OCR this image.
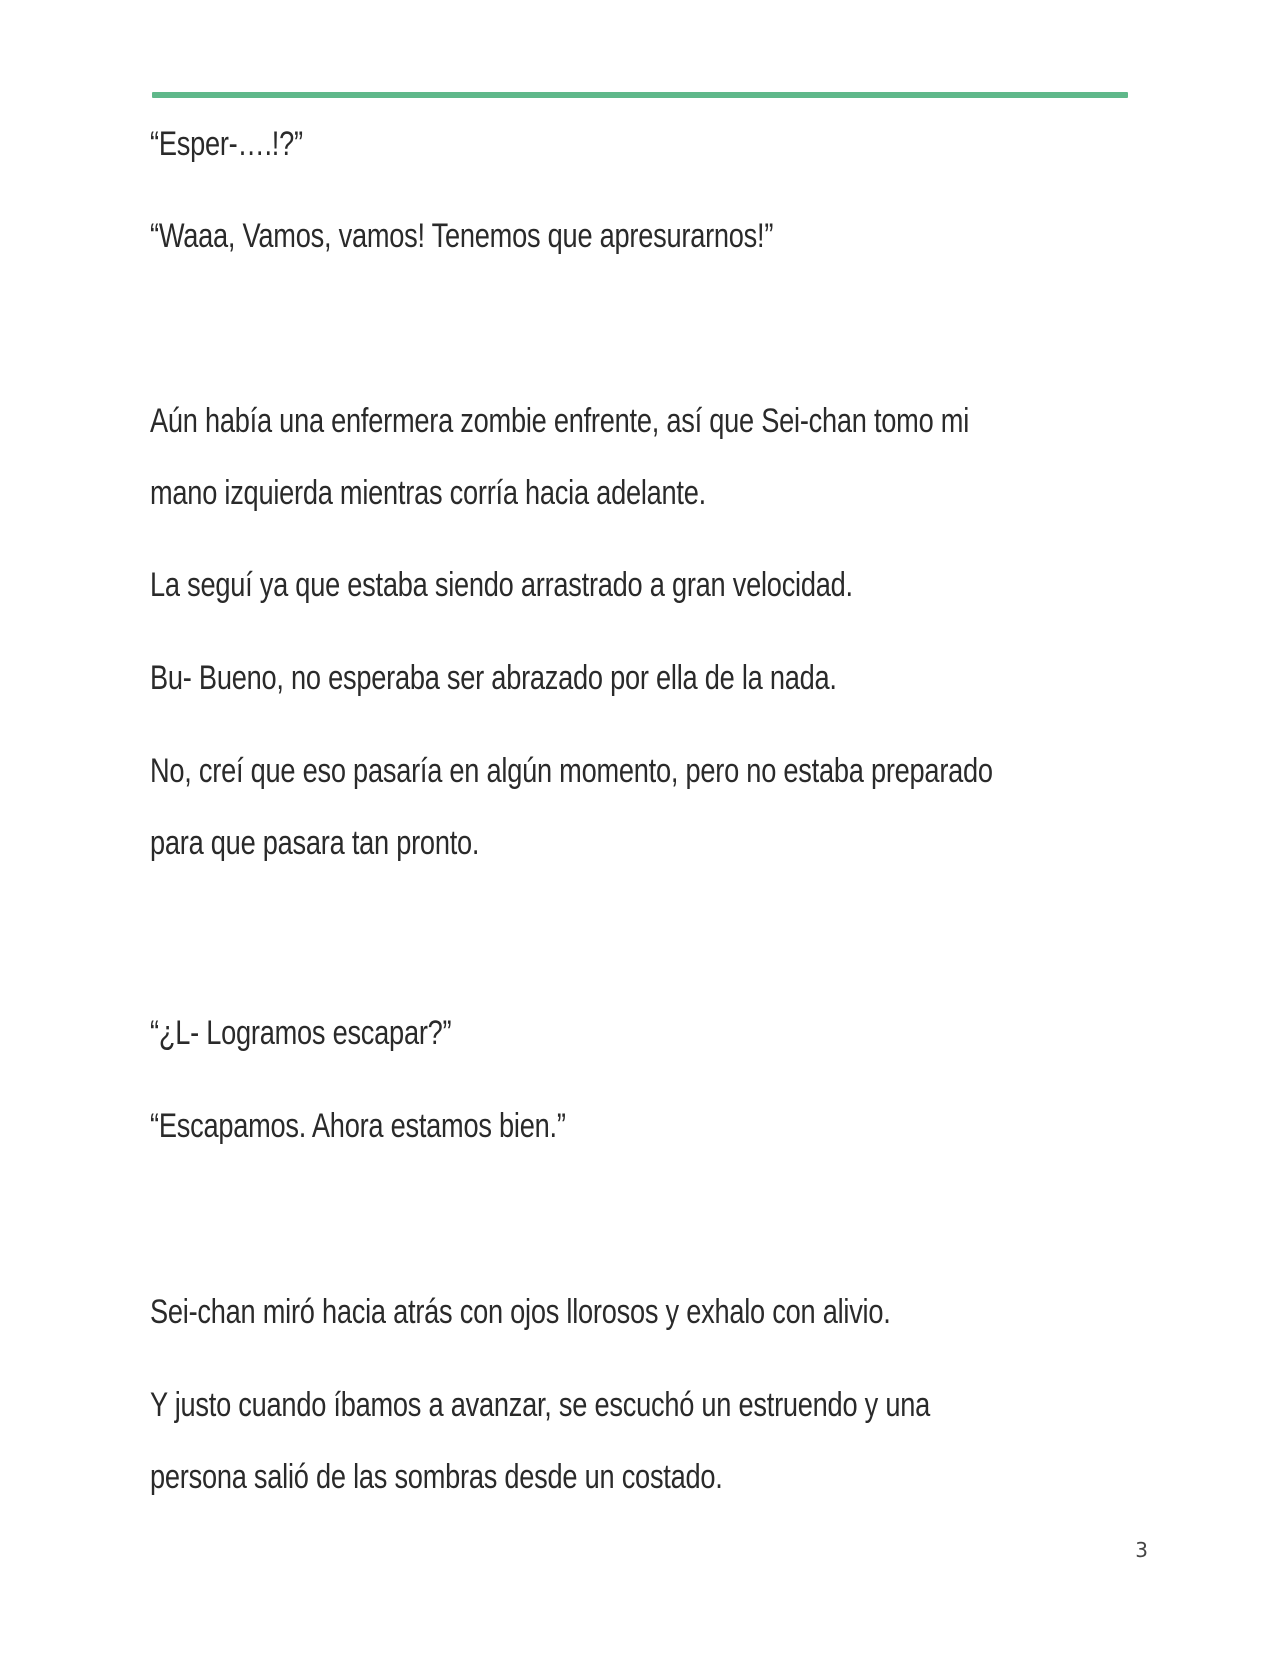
“Esper-….!?”

“Waaa, Vamos, vamos! Tenemos que apresurarnos!”

Aún había una enfermera zombie enfrente, así que Sei-chan tomo mi
mano izquierda mientras corría hacia adelante.

La seguí ya que estaba siendo arrastrado a gran velocidad.

Bu- Bueno, no esperaba ser abrazado por ella de la nada.

No, creí que eso pasaría en algún momento, pero no estaba preparado
para que pasara tan pronto.

“¿L- Logramos escapar?”

“Escapamos. Ahora estamos bien.”

Sei-chan miró hacia atrás con ojos llorosos y exhalo con alivio.

Y justo cuando íbamos a avanzar, se escuchó un estruendo y una
persona salió de las sombras desde un costado.

3
